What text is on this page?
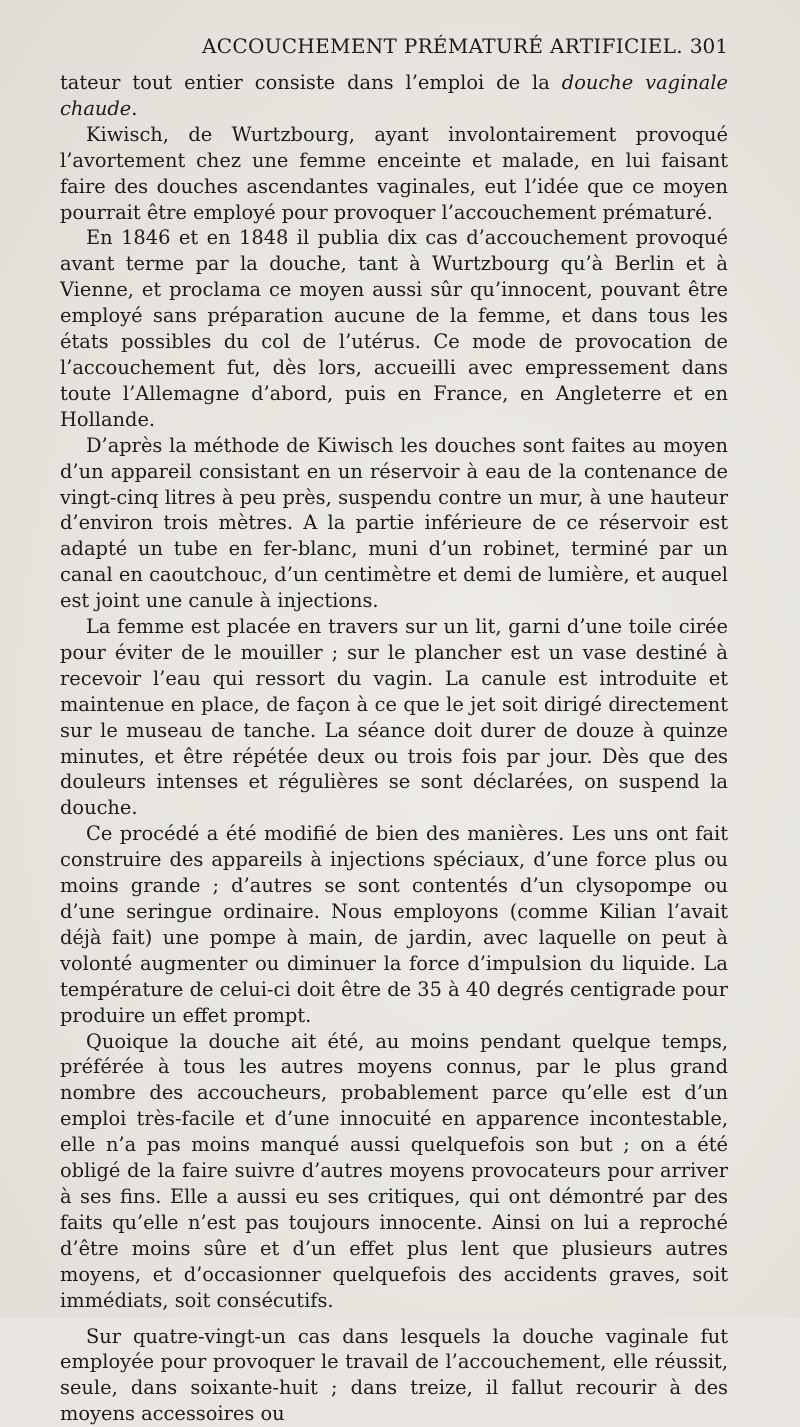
ACCOUCHEMENT PRÉMATURÉ ARTIFICIEL. 301

tateur tout entier consiste dans l’emploi de la douche vaginale chaude.

Kiwisch, de Wurtzbourg, ayant involontairement provoqué l’avortement chez une femme enceinte et malade, en lui faisant faire des douches ascendantes vaginales, eut l’idée que ce moyen pourrait être employé pour provoquer l’accouchement prématuré.

En 1846 et en 1848 il publia dix cas d’accouchement provoqué avant terme par la douche, tant à Wurtzbourg qu’à Berlin et à Vienne, et proclama ce moyen aussi sûr qu’innocent, pouvant être employé sans préparation aucune de la femme, et dans tous les états possibles du col de l’utérus. Ce mode de provocation de l’accouchement fut, dès lors, accueilli avec empressement dans toute l’Allemagne d’abord, puis en France, en Angleterre et en Hollande.

D’après la méthode de Kiwisch les douches sont faites au moyen d’un appareil consistant en un réservoir à eau de la contenance de vingt-cinq litres à peu près, suspendu contre un mur, à une hauteur d’environ trois mètres. A la partie inférieure de ce réservoir est adapté un tube en fer-blanc, muni d’un robinet, terminé par un canal en caoutchouc, d’un centimètre et demi de lumière, et auquel est joint une canule à injections.

La femme est placée en travers sur un lit, garni d’une toile cirée pour éviter de le mouiller ; sur le plancher est un vase destiné à recevoir l’eau qui ressort du vagin. La canule est introduite et maintenue en place, de façon à ce que le jet soit dirigé directement sur le museau de tanche. La séance doit durer de douze à quinze minutes, et être répétée deux ou trois fois par jour. Dès que des douleurs intenses et régulières se sont déclarées, on suspend la douche.

Ce procédé a été modifié de bien des manières. Les uns ont fait construire des appareils à injections spéciaux, d’une force plus ou moins grande ; d’autres se sont contentés d’un clysopompe ou d’une seringue ordinaire. Nous employons (comme Kilian l’avait déjà fait) une pompe à main, de jardin, avec laquelle on peut à volonté augmenter ou diminuer la force d’impulsion du liquide. La température de celui-ci doit être de 35 à 40 degrés centigrade pour produire un effet prompt.

Quoique la douche ait été, au moins pendant quelque temps, préférée à tous les autres moyens connus, par le plus grand nombre des accoucheurs, probablement parce qu’elle est d’un emploi très-facile et d’une innocuité en apparence incontestable, elle n’a pas moins manqué aussi quelquefois son but ; on a été obligé de la faire suivre d’autres moyens provocateurs pour arriver à ses fins. Elle a aussi eu ses critiques, qui ont démontré par des faits qu’elle n’est pas toujours innocente. Ainsi on lui a reproché d’être moins sûre et d’un effet plus lent que plusieurs autres moyens, et d’occasionner quelquefois des accidents graves, soit immédiats, soit consécutifs.

Sur quatre-vingt-un cas dans lesquels la douche vaginale fut employée pour provoquer le travail de l’accouchement, elle réussit, seule, dans soixante-huit ; dans treize, il fallut recourir à des moyens accessoires ou
